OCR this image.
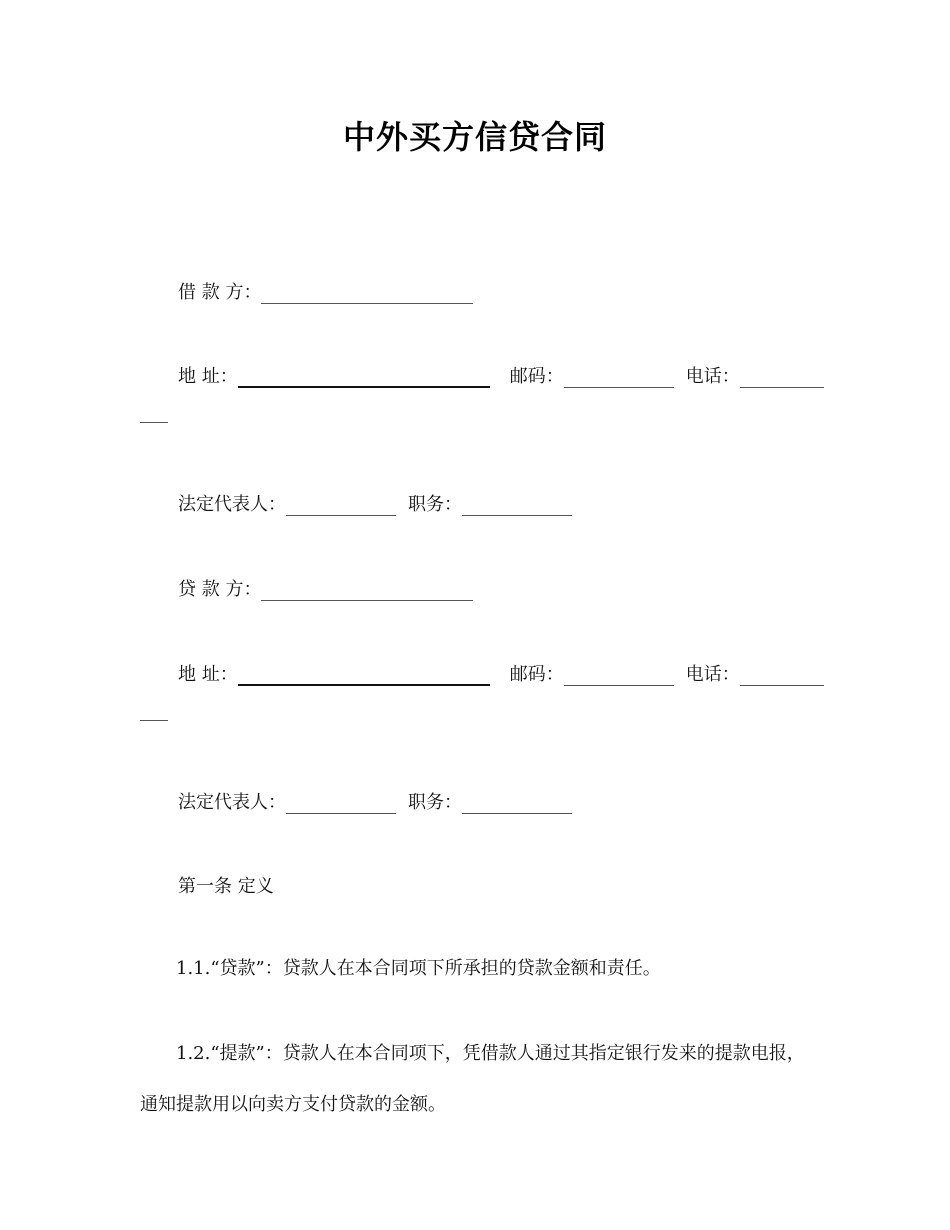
中外买方信贷合同
借 款 方：
地 址：	邮码：	电话：
法定代表人：	职务：
贷 款 方：
地 址：	邮码：	电话：
法定代表人：	职务：
第一条 定义
1.1.“贷款”：贷款人在本合同项下所承担的贷款金额和责任。
1.2.“提款”：贷款人在本合同项下，凭借款人通过其指定银行发来的提款电报，通知提款用以向卖方支付贷款的金额。
